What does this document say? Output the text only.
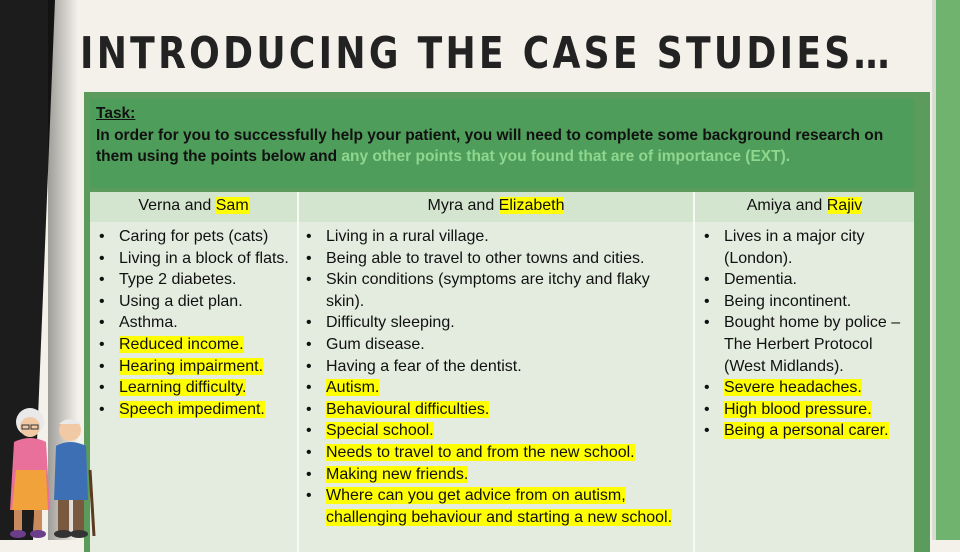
INTRODUCING THE CASE STUDIES…
Task:
In order for you to successfully help your patient, you will need to complete some background research on them using the points below and any other points that you found that are of importance (EXT).
Verna and Sam	Myra and Elizabeth	Amiya and Rajiv
• Caring for pets (cats)
• Living in a block of flats.
• Type 2 diabetes.
• Using a diet plan.
• Asthma.
• Reduced income.
• Hearing impairment.
• Learning difficulty.
• Speech impediment.
• Living in a rural village.
• Being able to travel to other towns and cities.
• Skin conditions (symptoms are itchy and flaky skin).
• Difficulty sleeping.
• Gum disease.
• Having a fear of the dentist.
• Autism.
• Behavioural difficulties.
• Special school.
• Needs to travel to and from the new school.
• Making new friends.
• Where can you get advice from on autism, challenging behaviour and starting a new school.
• Lives in a major city (London).
• Dementia.
• Being incontinent.
• Bought home by police – The Herbert Protocol (West Midlands).
• Severe headaches.
• High blood pressure.
• Being a personal carer.
